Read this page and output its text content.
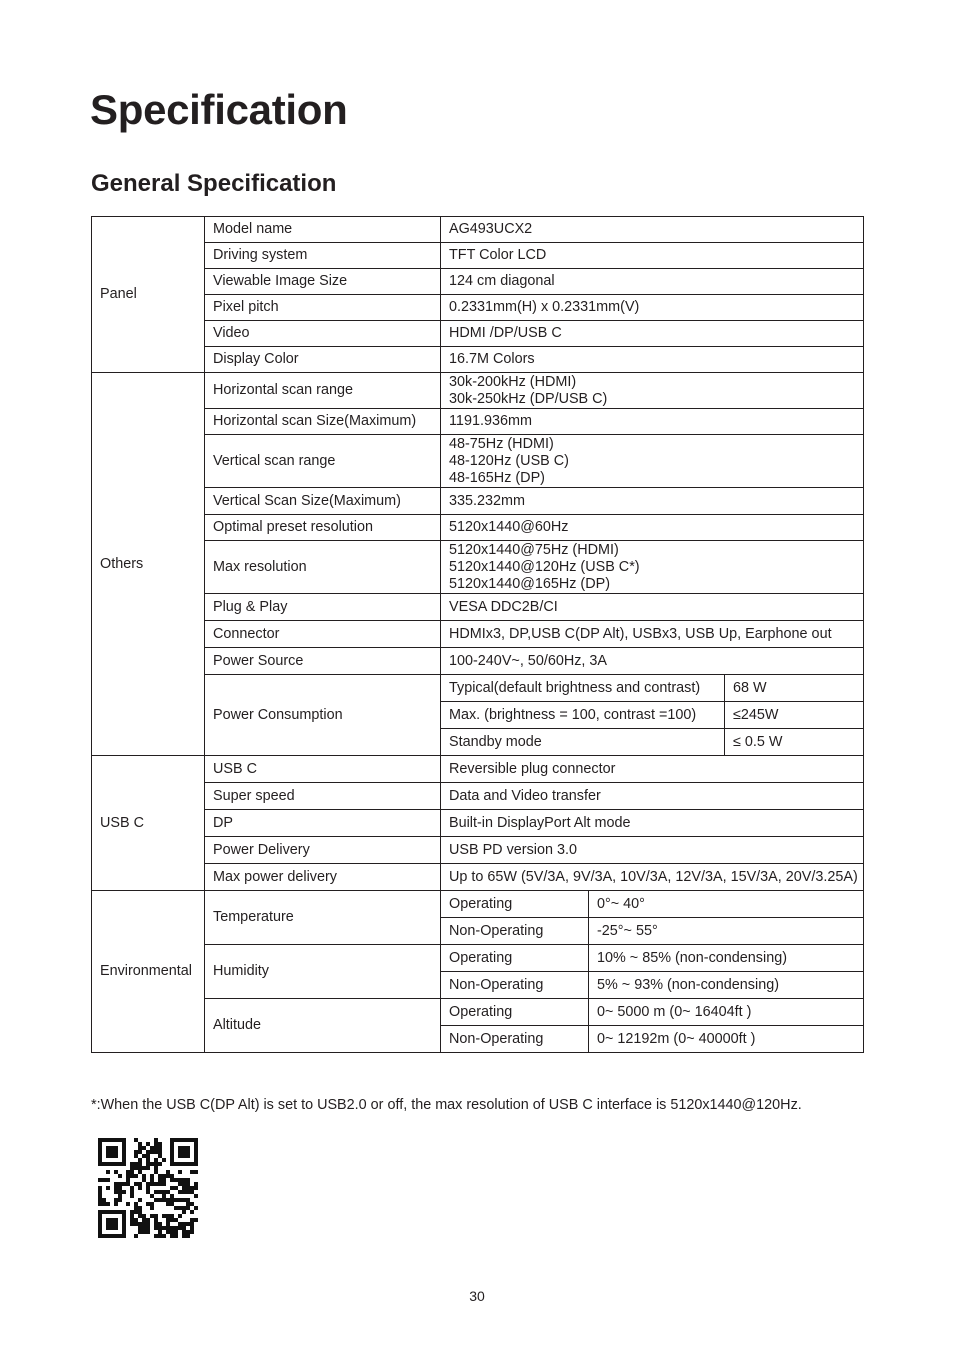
Specification
General Specification
Panel	Model name	AG493UCX2		
	Driving system	TFT Color LCD		
	Viewable Image Size	124 cm diagonal		
	Pixel pitch	0.2331mm(H) x 0.2331mm(V)		
	Video	HDMI /DP/USB C		
	Display Color	16.7M Colors		
Others	Horizontal scan range	30k-200kHz (HDMI)
30k-250kHz (DP/USB C)		

	Horizontal scan Size(Maximum)	1191.936mm		
	Vertical scan range	48-75Hz (HDMI)
48-120Hz (USB C)
48-165Hz (DP)		

	Vertical Scan Size(Maximum)	335.232mm		
	Optimal preset resolution	5120x1440@60Hz		
	Max resolution	5120x1440@75Hz (HDMI)
5120x1440@120Hz (USB C*)
5120x1440@165Hz (DP)		

	Plug & Play	VESA DDC2B/CI		
	Connector	HDMIx3, DP,USB C(DP Alt), USBx3, USB Up, Earphone out		
	Power Source	100-240V~, 50/60Hz, 3A		
	Power Consumption	Typical(default brightness and contrast)		68 W
		Max. (brightness = 100, contrast =100)		≤245W
		Standby mode		≤ 0.5 W
USB C	USB C	Reversible plug connector		
	Super speed	Data and Video transfer		
	DP	Built-in DisplayPort Alt mode		
	Power Delivery	USB PD version 3.0		
	Max power delivery	Up to 65W (5V/3A, 9V/3A, 10V/3A, 12V/3A, 15V/3A, 20V/3.25A)		
Environmental	Temperature	Operating	0°~ 40°	
		Non-Operating	-25°~ 55°	
	Humidity	Operating	10% ~ 85% (non-condensing)	
		Non-Operating	5% ~ 93% (non-condensing)	
	Altitude	Operating	0~ 5000 m (0~ 16404ft )	
		Non-Operating	0~ 12192m (0~ 40000ft )	

*:When the USB C(DP Alt) is set to USB2.0 or off, the max resolution of USB C interface is 5120x1440@120Hz.

30
